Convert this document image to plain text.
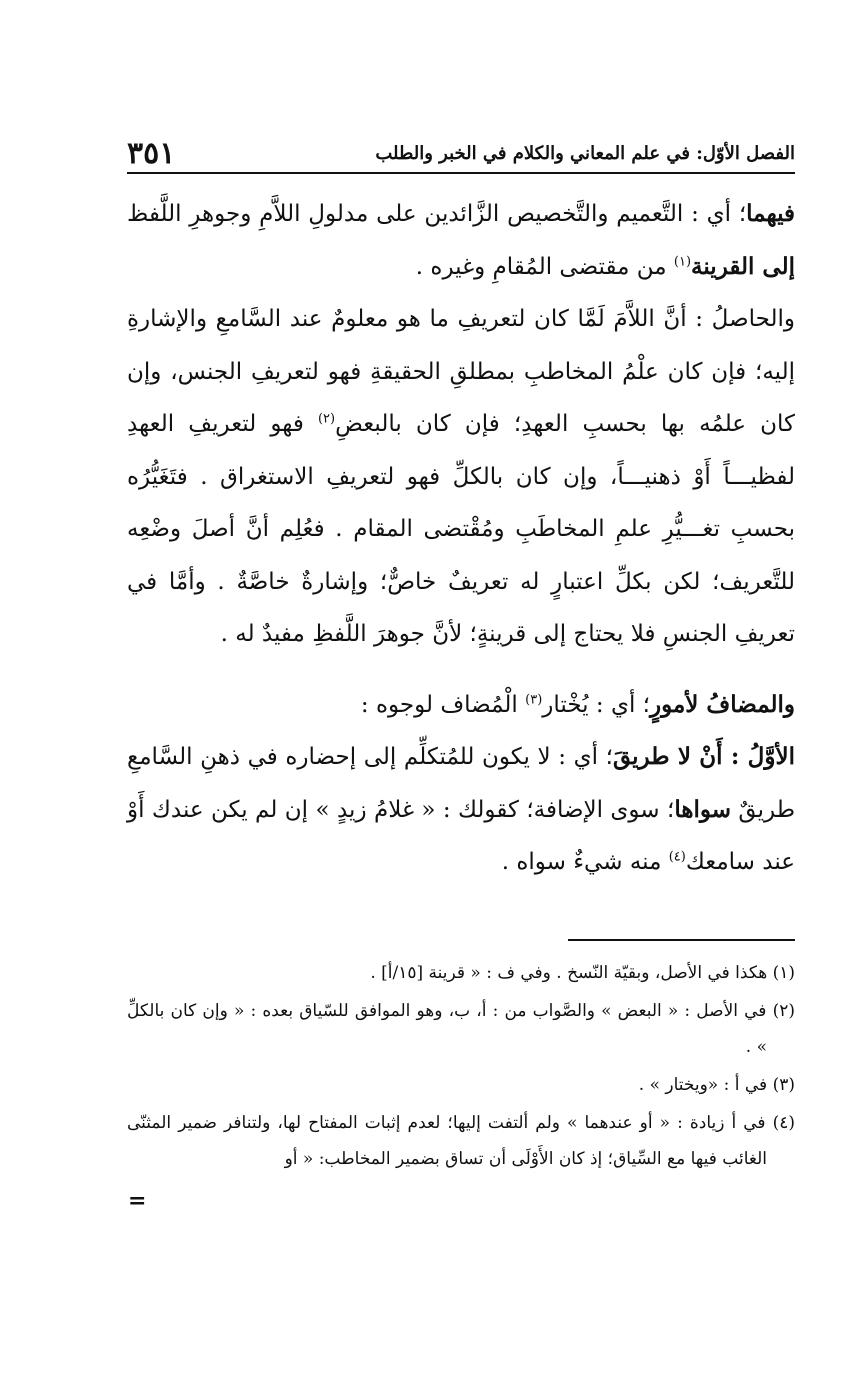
٣٥١	الفصل الأوّل: في علم المعاني والكلام في الخبر والطلب

فيهما؛ أي : التَّعميم والتَّخصيص الزَّائدين على مدلولِ اللاَّمِ وجوهرِ اللَّفظ إلى القرينة$^{(١)}$ من مقتضى المُقامِ وغيره .

والحاصلُ : أنَّ اللاَّمَ لَمَّا كان لتعريفِ ما هو معلومٌ عند السَّامعِ والإشارةِ إليه؛ فإن كان علْمُ المخاطبِ بمطلقِ الحقيقةِ فهو لتعريفِ الجنس، وإن كان علمُه بها بحسبِ العهدِ؛ فإن كان بالبعضِ$^{(٢)}$ فهو لتعريفِ العهدِ لفظيـــاً أَوْ ذهنيـــاً، وإن كان بالكلِّ فهو لتعريفِ الاستغراق . فتَغَيُّرُه بحسبِ تغـــيُّرِ علمِ المخاطَبِ ومُقْتضى المقام . فعُلِم أنَّ أصلَ وضْعِه للتَّعريف؛ لكن بكلِّ اعتبارٍ له تعريفٌ خاصٌّ؛ وإشارةٌ خاصَّةٌ . وأمَّا في تعريفِ الجنسِ فلا يحتاج إلى قرينةٍ؛ لأنَّ جوهرَ اللَّفظِ مفيدٌ له .

والمضافُ لأمورٍ؛ أي : يُخْتار$^{(٣)}$ الْمُضاف لوجوه :

الأوَّلُ : أَنْ لا طريقَ؛ أي : لا يكون للمُتكلِّم إلى إحضاره في ذهنِ السَّامعِ طريقٌ سواها؛ سوى الإضافة؛ كقولك : « غلامُ زيدٍ » إن لم يكن عندك أَوْ عند سامعك$^{(٤)}$ منه شيءٌ سواه .

(١) هكذا في الأصل، وبقيّة النّسخ . وفي ف : « قرينة [١٥/أ] .

(٢) في الأصل : « البعض » والصَّواب من : أ، ب، وهو الموافق للسّياق بعده : « وإن كان بالكلِّ » .

(٣) في أ : «ويختار » .

(٤) في أ زيادة : « أو عندهما » ولم ألتفت إليها؛ لعدم إثبات المفتاح لها، ولتنافر ضمير المثنّى الغائب فيها مع السِّياق؛ إذ كان الأَوْلَى أن تساق بضمير المخاطب: « أو

=
